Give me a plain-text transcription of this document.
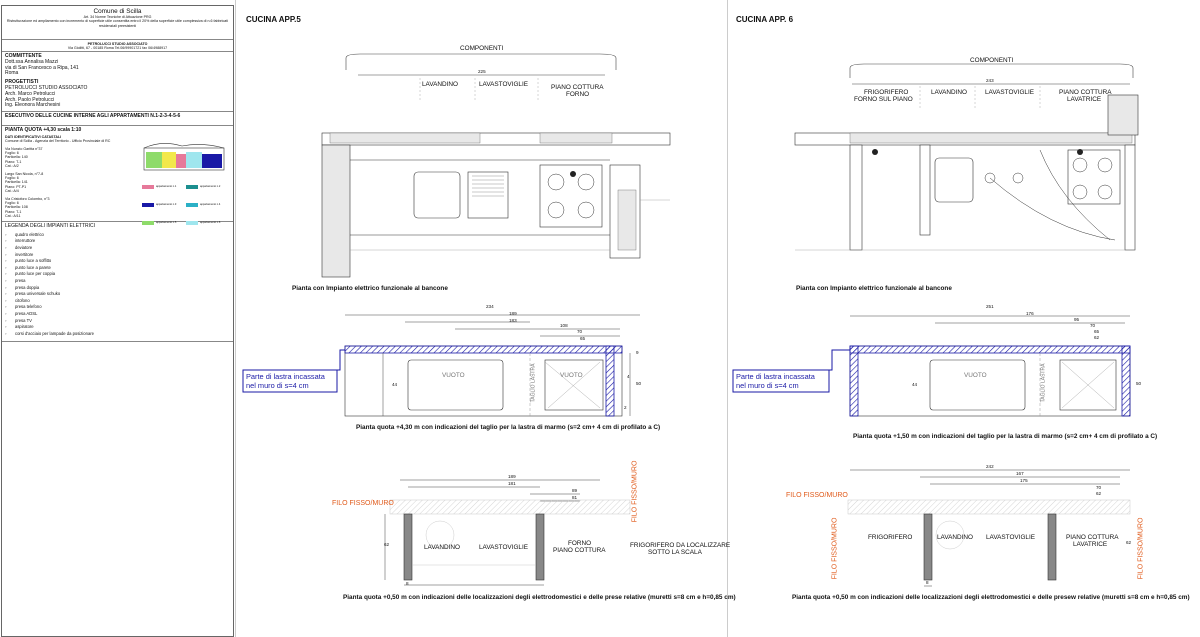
Comune di Scilla
Art. 34 Norme Tecniche di Attuazione PRG
Ristrutturazione ed ampliamento con incremento di superficie utile consentita entro il 20% della superficie utile complessiva di n.6 fabbricati residenziali preesistenti
PETROLUCCI STUDIO ASSOCIATO
Via Giolitti, 67 - 00185 Roma Tel.06/99901721 fax 06/4988917
COMMITTENTE
Dott.ssa Annalisa Mazzi
via di San Francesco a Ripa, 141
Roma
PROGETTISTI
PETROLUCCI STUDIO ASSOCIATO
Arch. Marco Petrolucci
Arch. Paolo Petrolucci
Ing. Eleonora Marchesini
ESECUTIVO DELLE CUCINE INTERNE AGLI APPARTAMENTI N.1-2-3-4-5-6
PIANTA QUOTA +4,30 scala 1:10
DATI IDENTIFICATIVI CATASTALI
Comune di Scilla - Agenzia del Territorio - Ufficio Provinciale di RC
Via Nunzio Garitta n°37
Foglio: 6
Particella: 140
Piano: T-1
Cat.: A/2
Largo San Nicola, n°7-8
Foglio: 6
Particella: 141
Piano: PT-P1
Cat.: A/4
Via Cristoforo Colombo, n°3
Foglio: 6
Particella: 108
Piano: T-1
Cat.: A/11
appartamento n.1	appartamento n.2
appartamento n.3	appartamento n.4
appartamento n.5	appartamento n.6
LEGENDA DEGLI IMPIANTI ELETTRICI
◦ quadro elettrico
◦ interruttore
◦ deviatore
◦ invertitore
◦ punto luce a soffitto
◦ punto luce a parete
◦ punto luce per coppia
◦ presa
◦ presa doppia
◦ presa universale schuko
◦ citofono
◦ presa telefono
◦ presa ADSL
◦ presa TV
◦ aspiratore
◦ corsi d'acciaio per lampade da posizionare
CUCINA APP.5
COMPONENTI
225
LAVANDINO	LAVASTOVIGLIE	PIANO COTTURA
FORNO
Pianta con Impianto elettrico funzionale al bancone
234
189
183
108
70
65
44
9
50
4
2
VUOTO	VUOTO
TAGLIO LASTRA
Parte di lastra incassata
nel muro di s=4 cm
Pianta quota +4,30 m con indicazioni del taglio per la lastra di marmo (s=2 cm+ 4 cm di profilato a C)
189
181
89
81
FILO FISSO/MURO	FILO FISSO/MURO
LAVANDINO	LAVASTOVIGLIE
FORNO
PIANO COTTURA
FRIGORIFERO DA LOCALIZZARE
SOTTO LA SCALA
62
8
Pianta quota +0,50 m con indicazioni delle localizzazioni degli elettrodomestici e delle prese relative (muretti s=8 cm e h=0,85 cm)
CUCINA APP. 6
COMPONENTI
243
FRIGORIFERO
FORNO SUL PIANO
LAVANDINO	LAVASTOVIGLIE	PIANO COTTURA
LAVATRICE
Pianta con Impianto elettrico funzionale al bancone
251
176
95
70
65
62
44	50
VUOTO	TAGLIO LASTRA
Parte di lastra incassata
nel muro di s=4 cm
Pianta quota +1,50 m con indicazioni del taglio per la lastra di marmo (s=2 cm+ 4 cm di profilato a C)
242
167
175
70
62
FILO FISSO/MURO
FILO FISSO/MURO	FILO FISSO/MURO
FRIGORIFERO	LAVANDINO LAVASTOVIGLIE	PIANO COTTURA
LAVATRICE
8
62
Pianta quota +0,50 m con indicazioni delle localizzazioni degli elettrodomestici e delle presew relative (muretti s=8 cm e h=0,85 cm)
